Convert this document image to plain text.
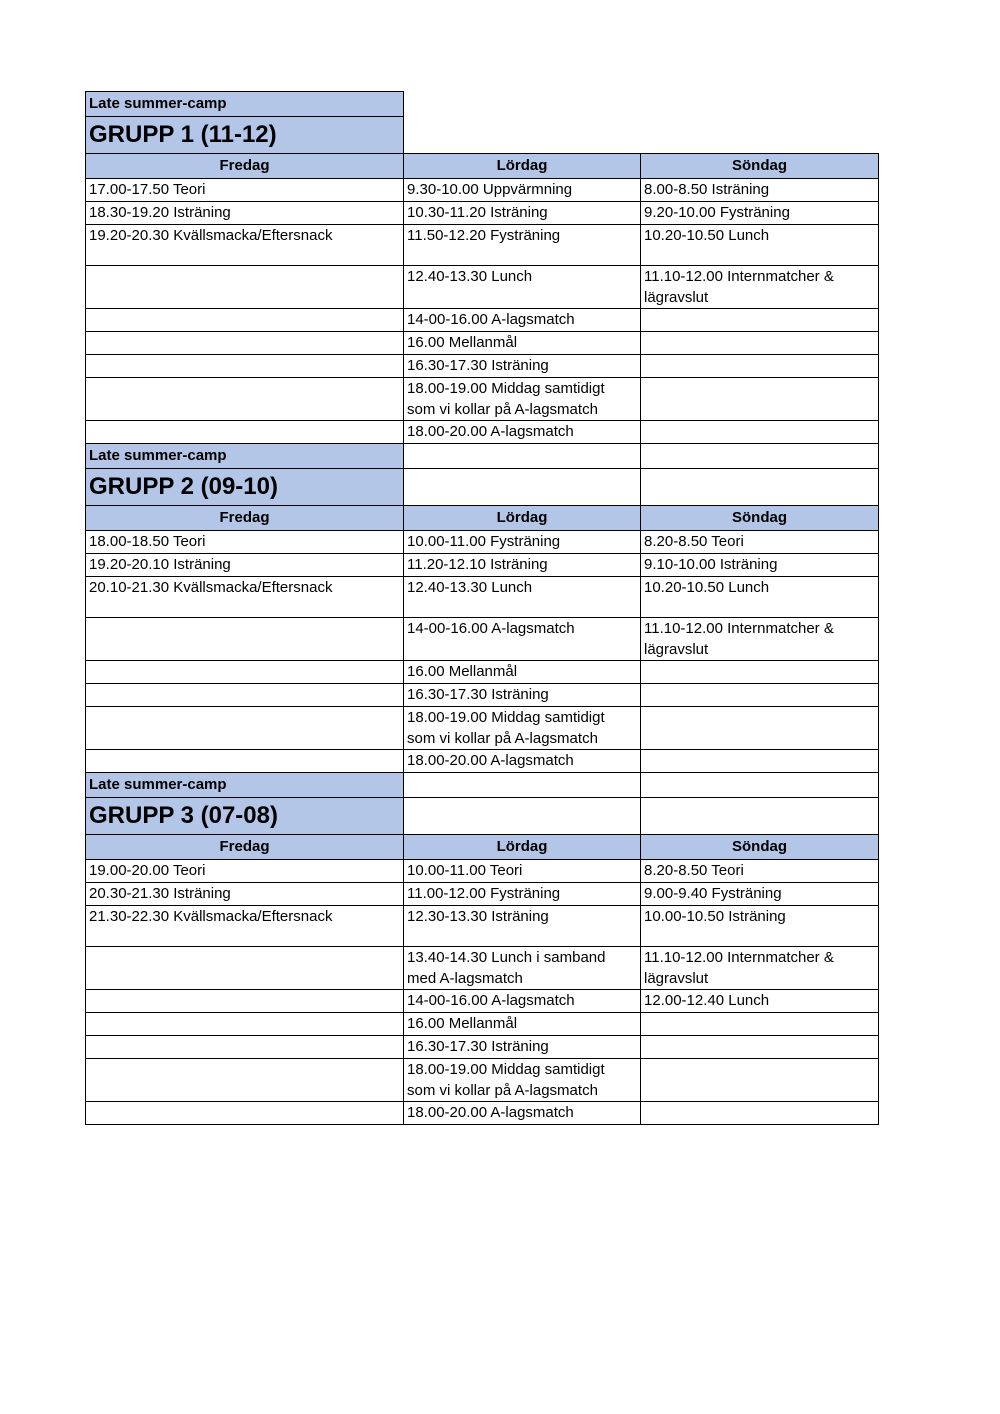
Late summer-camp		
GRUPP 1 (11-12)		
Fredag	Lördag	Söndag

17.00-17.50 Teori	9.30-10.00 Uppvärmning	8.00-8.50 Isträning

18.30-19.20 Isträning	10.30-11.20 Isträning	9.20-10.00 Fysträning

19.20-20.30 Kvällsmacka/Eftersnack	11.50-12.20 Fysträning	10.20-10.50 Lunch

	12.40-13.30 Lunch	11.10-12.00 Internmatcher & lägravslut

	14-00-16.00 A-lagsmatch	

	16.00 Mellanmål	

	16.30-17.30 Isträning	

	18.00-19.00 Middag samtidigt som vi kollar på A-lagsmatch	

	18.00-20.00 A-lagsmatch	

Late summer-camp		
GRUPP 2 (09-10)		
Fredag	Lördag	Söndag

18.00-18.50 Teori	10.00-11.00 Fysträning	8.20-8.50 Teori

19.20-20.10 Isträning	11.20-12.10 Isträning	9.10-10.00 Isträning

20.10-21.30 Kvällsmacka/Eftersnack	12.40-13.30 Lunch	10.20-10.50 Lunch

	14-00-16.00 A-lagsmatch	11.10-12.00 Internmatcher & lägravslut

	16.00 Mellanmål	

	16.30-17.30 Isträning	

	18.00-19.00 Middag samtidigt som vi kollar på A-lagsmatch	

	18.00-20.00 A-lagsmatch	

Late summer-camp		
GRUPP 3 (07-08)		
Fredag	Lördag	Söndag

19.00-20.00 Teori	10.00-11.00 Teori	8.20-8.50 Teori

20.30-21.30 Isträning	11.00-12.00 Fysträning	9.00-9.40 Fysträning

21.30-22.30 Kvällsmacka/Eftersnack	12.30-13.30 Isträning	10.00-10.50 Isträning

	13.40-14.30 Lunch i samband med A-lagsmatch	11.10-12.00 Internmatcher & lägravslut

	14-00-16.00 A-lagsmatch	12.00-12.40 Lunch

	16.00 Mellanmål	

	16.30-17.30 Isträning	

	18.00-19.00 Middag samtidigt som vi kollar på A-lagsmatch	

	18.00-20.00 A-lagsmatch	
